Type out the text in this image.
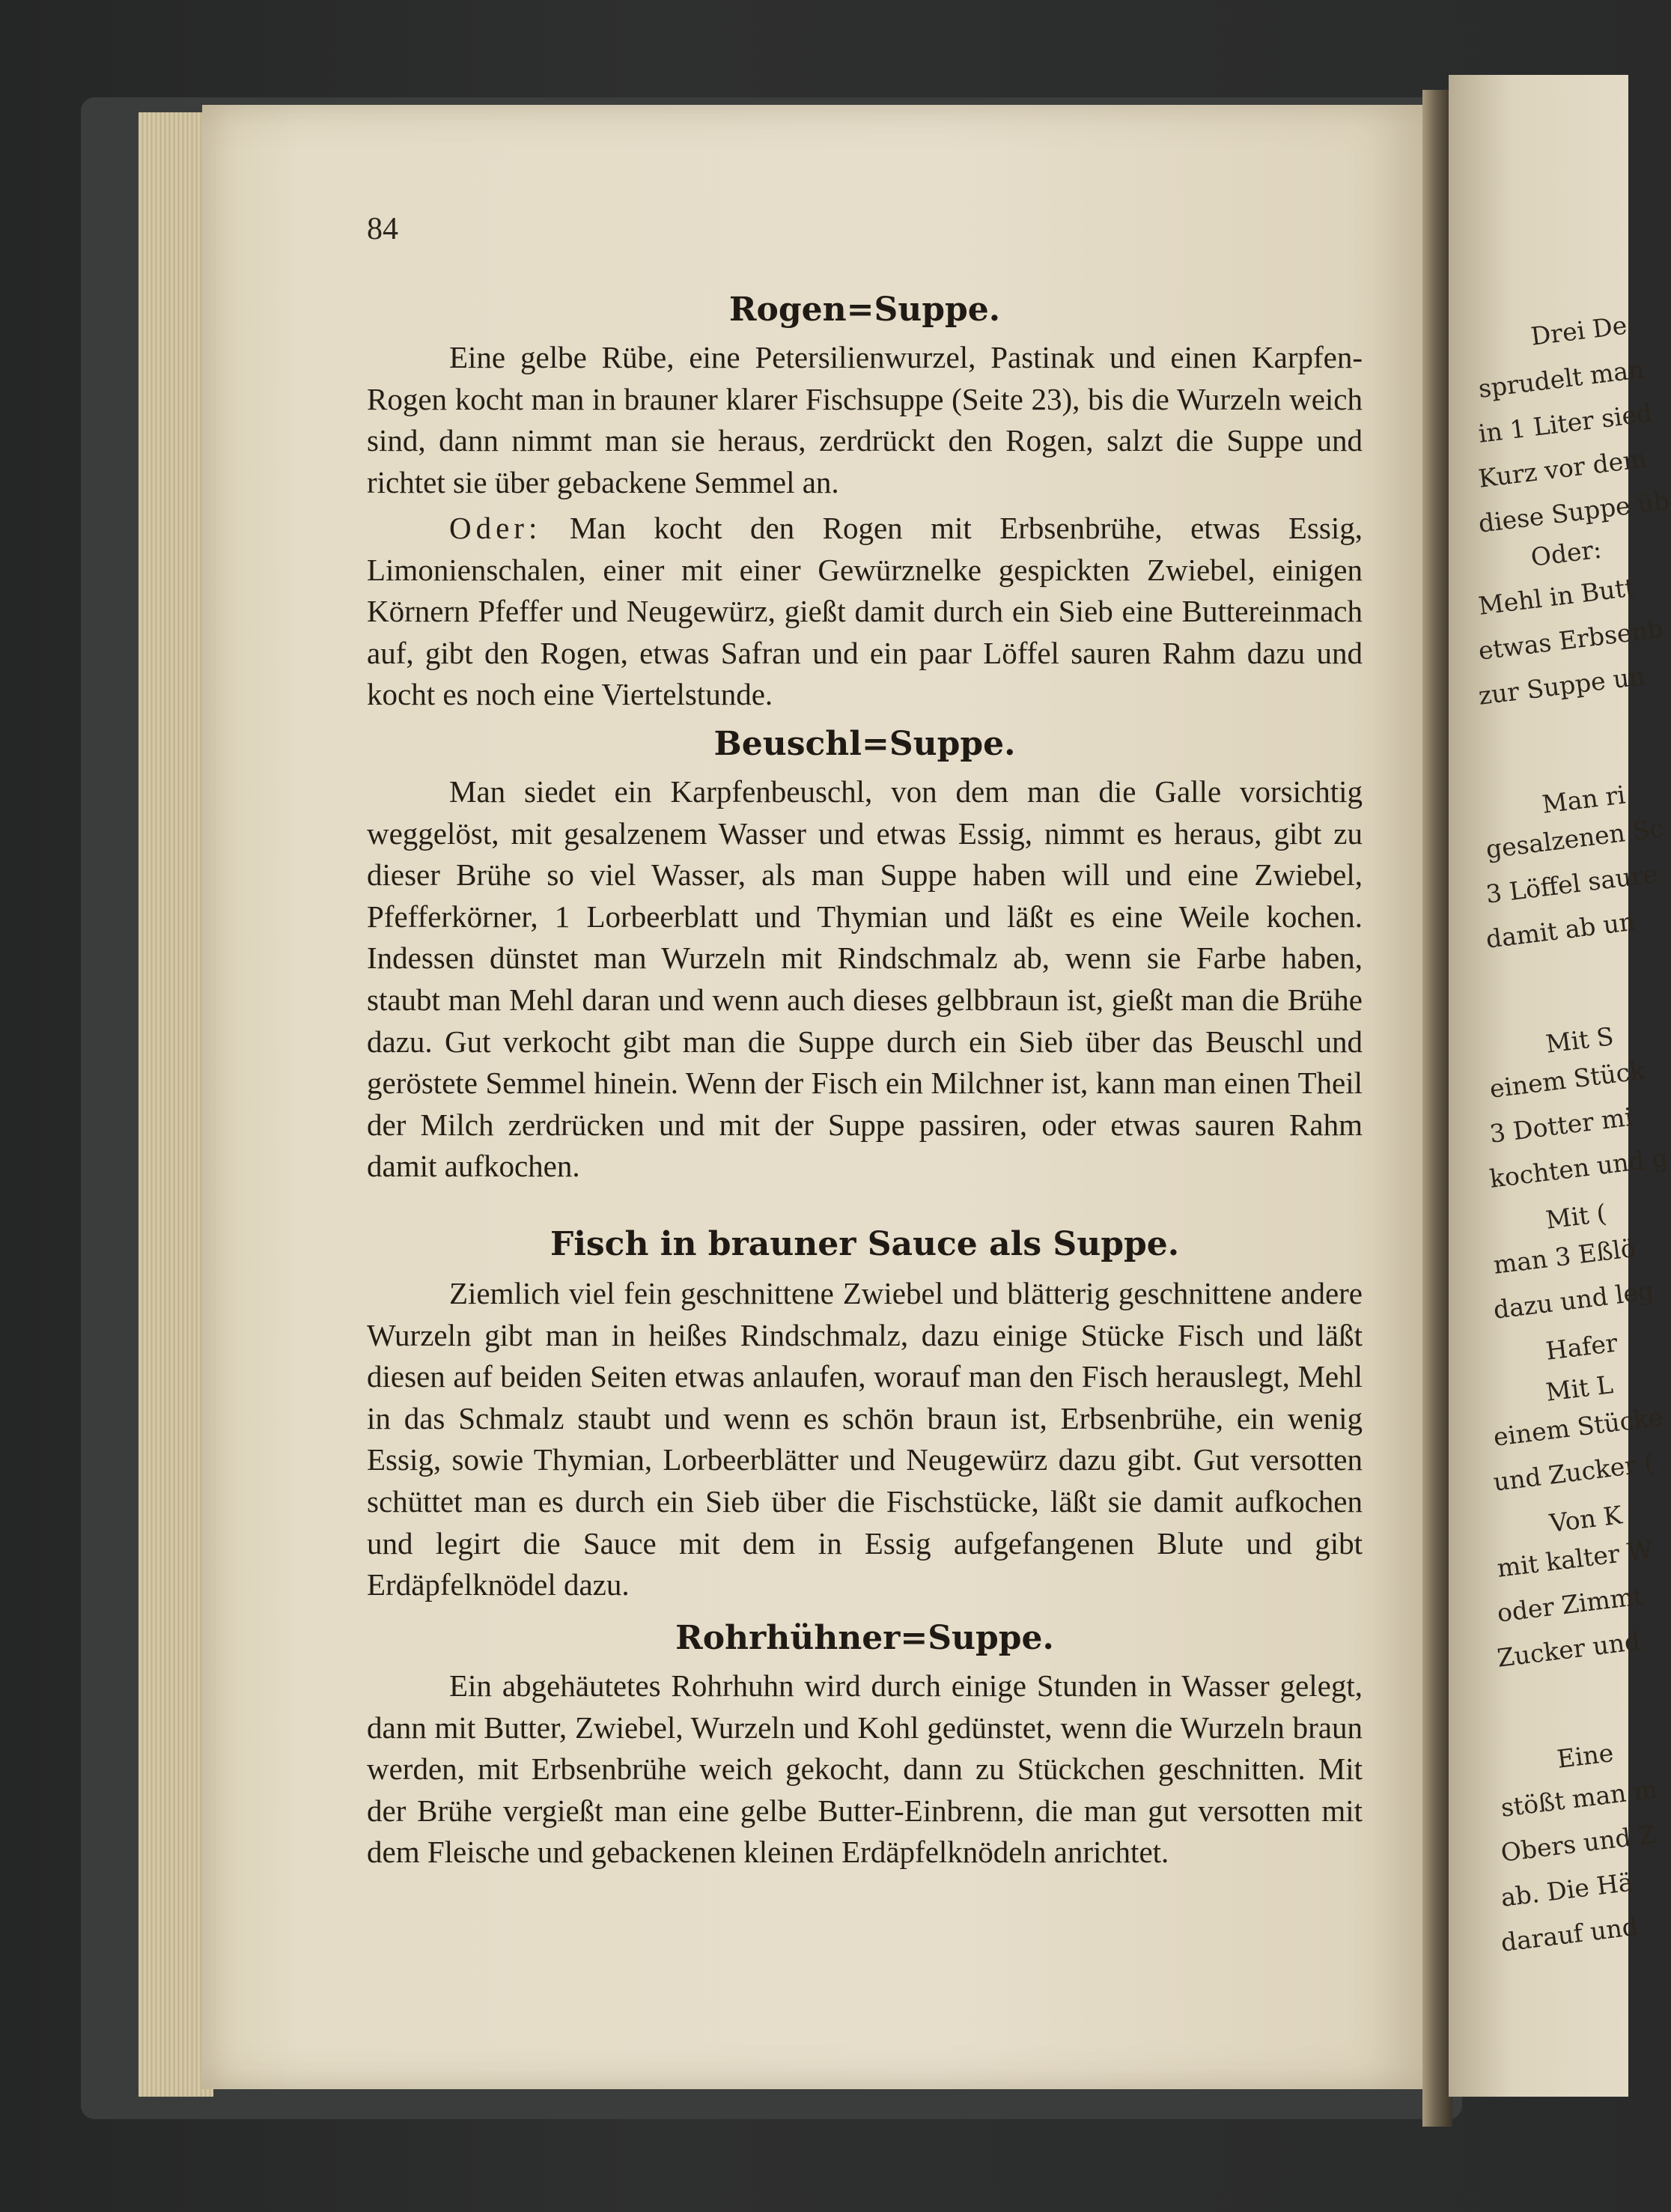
Drei De

sprudelt man

in 1 Liter sied

Kurz vor dem

diese Suppe üb

Oder:

Mehl in Butt

etwas Erbsenb

zur Suppe un

Man ri

gesalzenen Sc

3 Löffel saure

damit ab un

Mit S

einem Stück

3 Dotter mi

kochten und g

Mit (

man 3 Eßlö

dazu und leg

Hafer

Mit L

einem Stücke

und Zucker (

Von K

mit kalter W

oder Zimmt

Zucker und

Eine

stößt man m

Obers und Z

ab. Die Hä

darauf und

84
Rogen=Suppe.

Eine gelbe Rübe, eine Petersilienwurzel, Pastinak und einen Karpfen-Rogen kocht man in brauner klarer Fischsuppe (Seite 23), bis die Wurzeln weich sind, dann nimmt man sie heraus, zerdrückt den Rogen, salzt die Suppe und richtet sie über gebackene Semmel an.

Oder: Man kocht den Rogen mit Erbsenbrühe, etwas Essig, Limonienschalen, einer mit einer Gewürznelke gespickten Zwiebel, einigen Körnern Pfeffer und Neugewürz, gießt damit durch ein Sieb eine Buttereinmach auf, gibt den Rogen, etwas Safran und ein paar Löffel sauren Rahm dazu und kocht es noch eine Viertelstunde.

Beuschl=Suppe.

Man siedet ein Karpfenbeuschl, von dem man die Galle vorsichtig weggelöst, mit gesalzenem Wasser und etwas Essig, nimmt es heraus, gibt zu dieser Brühe so viel Wasser, als man Suppe haben will und eine Zwiebel, Pfefferkörner, 1 Lorbeerblatt und Thymian und läßt es eine Weile kochen. Indessen dünstet man Wurzeln mit Rindschmalz ab, wenn sie Farbe haben, staubt man Mehl daran und wenn auch dieses gelbbraun ist, gießt man die Brühe dazu. Gut verkocht gibt man die Suppe durch ein Sieb über das Beuschl und geröstete Semmel hinein. Wenn der Fisch ein Milchner ist, kann man einen Theil der Milch zerdrücken und mit der Suppe passiren, oder etwas sauren Rahm damit aufkochen.

Fisch in brauner Sauce als Suppe.

Ziemlich viel fein geschnittene Zwiebel und blätterig geschnittene andere Wurzeln gibt man in heißes Rindschmalz, dazu einige Stücke Fisch und läßt diesen auf beiden Seiten etwas anlaufen, worauf man den Fisch herauslegt, Mehl in das Schmalz staubt und wenn es schön braun ist, Erbsenbrühe, ein wenig Essig, sowie Thymian, Lorbeerblätter und Neugewürz dazu gibt. Gut versotten schüttet man es durch ein Sieb über die Fischstücke, läßt sie damit aufkochen und legirt die Sauce mit dem in Essig aufgefangenen Blute und gibt Erdäpfelknödel dazu.

Rohrhühner=Suppe.

Ein abgehäutetes Rohrhuhn wird durch einige Stunden in Wasser gelegt, dann mit Butter, Zwiebel, Wurzeln und Kohl gedünstet, wenn die Wurzeln braun werden, mit Erbsenbrühe weich gekocht, dann zu Stückchen geschnitten. Mit der Brühe vergießt man eine gelbe Butter-Einbrenn, die man gut versotten mit dem Fleische und gebackenen kleinen Erdäpfelknödeln anrichtet.
